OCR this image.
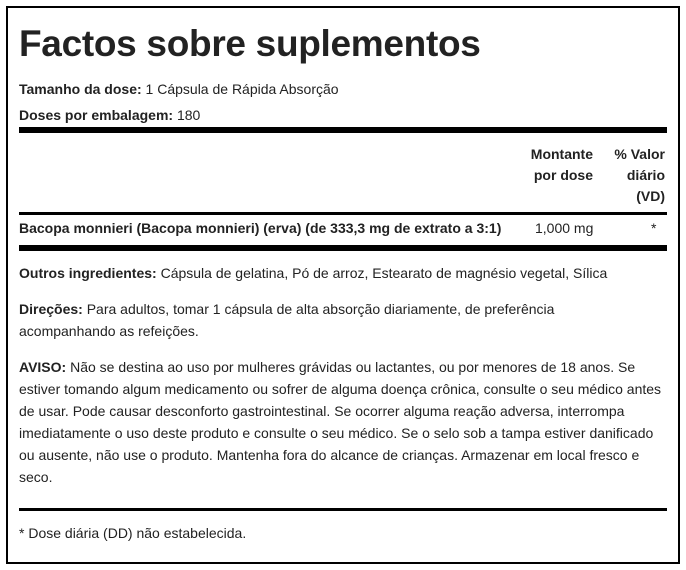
Factos sobre suplementos
Tamanho da dose: 1 Cápsula de Rápida Absorção
Doses por embalagem: 180
Montante
por dose
% Valor
diário
(VD)
Bacopa monnieri (Bacopa monnieri) (erva) (de 333,3 mg de extrato a 3:1) 1,000 mg	*
Outros ingredientes: Cápsula de gelatina, Pó de arroz, Estearato de magnésio vegetal, Sílica
Direções: Para adultos, tomar 1 cápsula de alta absorção diariamente, de preferência acompanhando as refeições.
AVISO: Não se destina ao uso por mulheres grávidas ou lactantes, ou por menores de 18 anos. Se estiver tomando algum medicamento ou sofrer de alguma doença crônica, consulte o seu médico antes de usar. Pode causar desconforto gastrointestinal. Se ocorrer alguma reação adversa, interrompa imediatamente o uso deste produto e consulte o seu médico. Se o selo sob a tampa estiver danificado ou ausente, não use o produto. Mantenha fora do alcance de crianças. Armazenar em local fresco e seco.
* Dose diária (DD) não estabelecida.
